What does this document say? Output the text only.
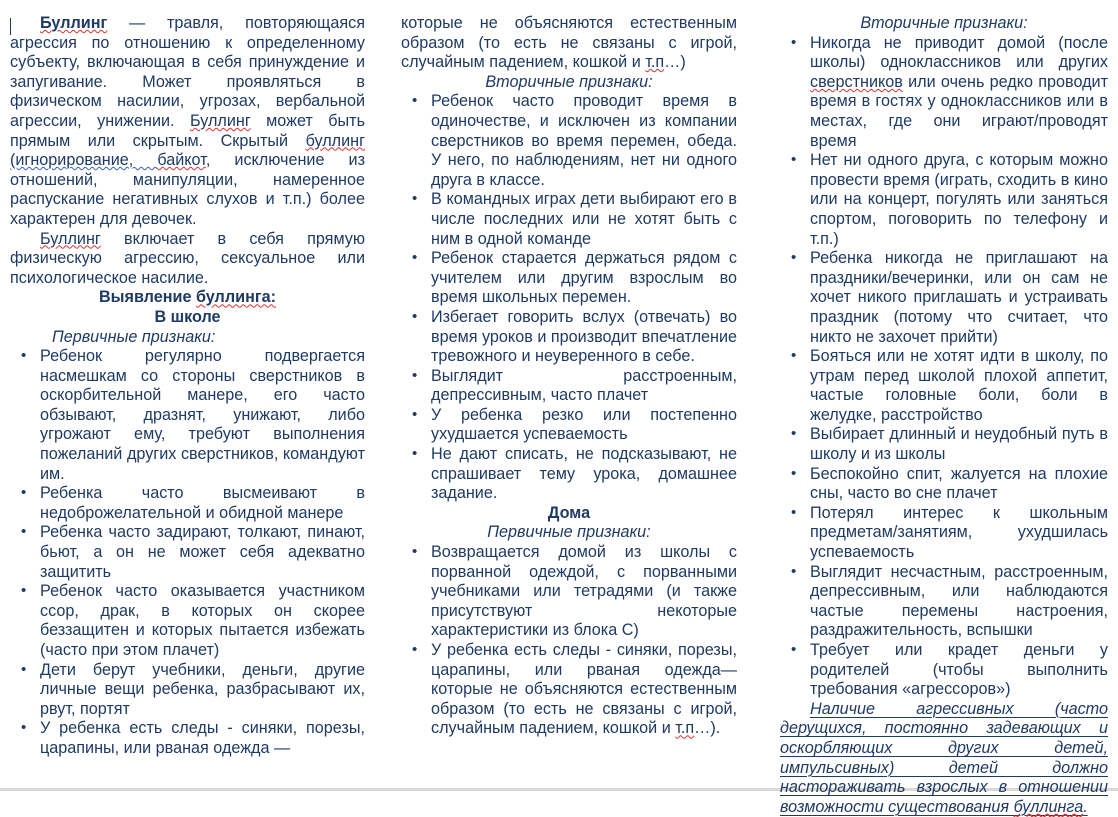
Буллинг — травля, повторяющаяся агрессия по отношению к определенному субъекту, включающая в себя принуждение и запугивание. Может проявляться в физическом насилии, угрозах, вербальной агрессии, унижении. Буллинг может быть прямым или скрытым. Скрытый буллинг (игнорирование, байкот, исключение из отношений, манипуляции, намеренное распускание негативных слухов и т.п.) более характерен для девочек.

Буллинг включает в себя прямую физическую агрессию, сексуальное или психологическое насилие.

Выявление буллинга:
В школе
Первичные признаки:
• Ребенок регулярно подвергается насмешкам со стороны сверстников в оскорбительной манере, его часто обзывают, дразнят, унижают, либо угрожают ему, требуют выполнения пожеланий других сверстников, командуют им.
• Ребенка часто высмеивают в недоброжелательной и обидной манере
• Ребенка часто задирают, толкают, пинают, бьют, а он не может себя адекватно защитить
• Ребенок часто оказывается участником ссор, драк, в которых он скорее беззащитен и которых пытается избежать (часто при этом плачет)
• Дети берут учебники, деньги, другие личные вещи ребенка, разбрасывают их, рвут, портят
• У ребенка есть следы - синяки, порезы, царапины, или рваная одежда —

которые не объясняются естественным образом (то есть не связаны с игрой, случайным падением, кошкой и т.п…)

Вторичные признаки:
• Ребенок часто проводит время в одиночестве, и исключен из компании сверстников во время перемен, обеда. У него, по наблюдениям, нет ни одного друга в классе.
• В командных играх дети выбирают его в числе последних или не хотят быть с ним в одной команде
• Ребенок старается держаться рядом с учителем или другим взрослым во время школьных перемен.
• Избегает говорить вслух (отвечать) во время уроков и производит впечатление тревожного и неуверенного в себе.
• Выглядит расстроенным, депрессивным, часто плачет
• У ребенка резко или постепенно ухудшается успеваемость
• Не дают списать, не подсказывают, не спрашивает тему урока, домашнее задание.
Дома
Первичные признаки:
• Возвращается домой из школы с порванной одеждой, с порванными учебниками или тетрадями (и также присутствуют некоторые характеристики из блока С)
• У ребенка есть следы - синяки, порезы, царапины, или рваная одежда— которые не объясняются естественным образом (то есть не связаны с игрой, случайным падением, кошкой и т.п…).
Вторичные признаки:
• Никогда не приводит домой (после школы) одноклассников или других сверстников или очень редко проводит время в гостях у одноклассников или в местах, где они играют/проводят время
• Нет ни одного друга, с которым можно провести время (играть, сходить в кино или на концерт, погулять или заняться спортом, поговорить по телефону и т.п.)
• Ребенка никогда не приглашают на праздники/вечеринки, или он сам не хочет никого приглашать и устраивать праздник (потому что считает, что никто не захочет прийти)
• Бояться или не хотят идти в школу, по утрам перед школой плохой аппетит, частые головные боли, боли в желудке, расстройство
• Выбирает длинный и неудобный путь в школу и из школы
• Беспокойно спит, жалуется на плохие сны, часто во сне плачет
• Потерял интерес к школьным предметам/занятиям, ухудшилась успеваемость
• Выглядит несчастным, расстроенным, депрессивным, или наблюдаются частые перемены настроения, раздражительность, вспышки
• Требует или крадет деньги у родителей (чтобы выполнить требования «агрессоров»)

Наличие агрессивных (часто дерущихся, постоянно задевающих и оскорбляющих других детей, импульсивных) детей должно настораживать взрослых в отношении возможности существования буллинга.
